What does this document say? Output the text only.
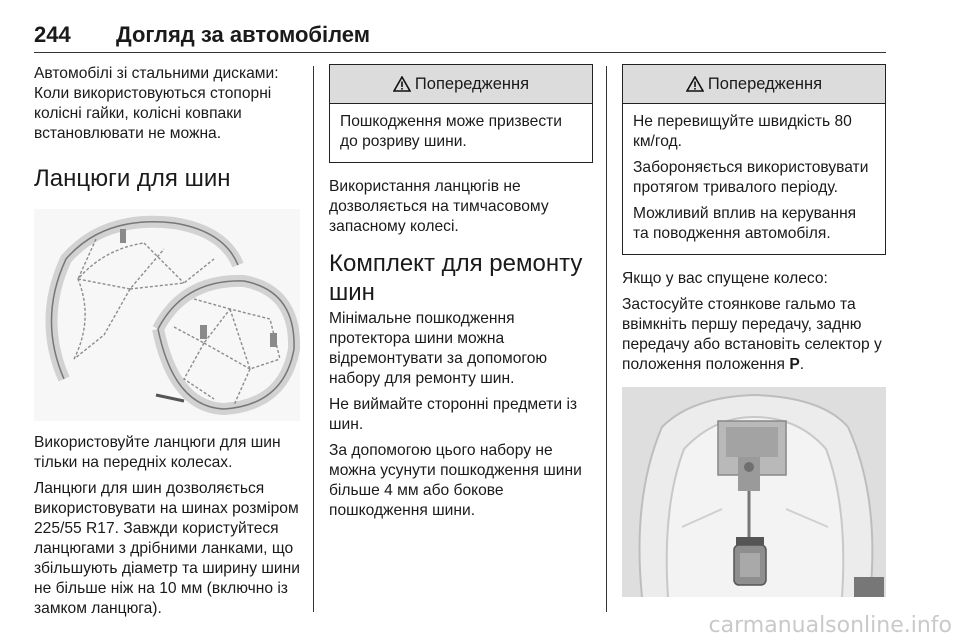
244 Догляд за автомобілем

Автомобілі зі стальними дисками: Коли використовуються стопорні колісні гайки, колісні ковпаки встановлювати не можна.

Ланцюги для шин

Використовуйте ланцюги для шин тільки на передніх колесах.

Ланцюги для шин дозволяється використовувати на шинах розміром 225/55 R17. Завжди користуйтеся ланцюгами з дрібними ланками, що збільшують діаметр та ширину шини не більше ніж на 10 мм (включно із замком ланцюга).

Попередження

Пошкодження може призвести до розриву шини.

Використання ланцюгів не дозволяється на тимчасовому запасному колесі.

Комплект для ремонту шин

Мінімальне пошкодження протектора шини можна відремонтувати за допомогою набору для ремонту шин.

Не виймайте сторонні предмети із шин.

За допомогою цього набору не можна усунути пошкодження шини більше 4 мм або бокове пошкодження шини.

Попередження

Не перевищуйте швидкість 80 км/год.

Забороняється використовувати протягом тривалого періоду.

Можливий вплив на керування та поводження автомобіля.

Якщо у вас спущене колесо:

Застосуйте стоянкове гальмо та ввімкніть першу передачу, задню передачу або встановіть селектор у положення положення P.

carmanualsonline.info
